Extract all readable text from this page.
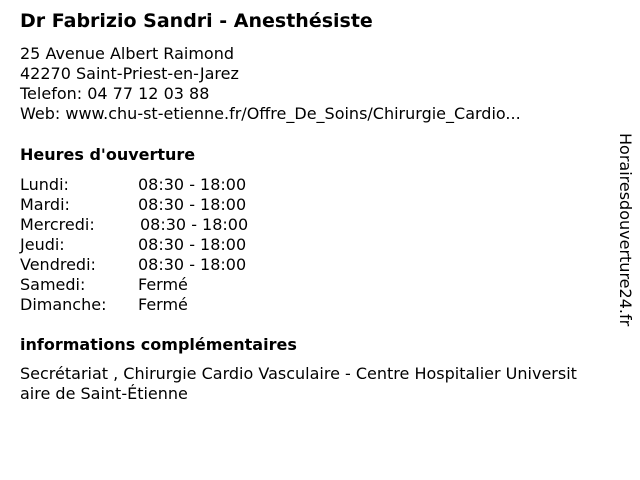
Dr Fabrizio Sandri - Anesthésiste
25 Avenue Albert Raimond
42270 Saint-Priest-en-Jarez
Telefon: 04 77 12 03 88
Web: www.chu-st-etienne.fr/Offre_De_Soins/Chirurgie_Cardio...
Heures d'ouverture
Lundi:	08:30 - 18:00
Mardi:	08:30 - 18:00
Mercredi:	08:30 - 18:00
Jeudi:	08:30 - 18:00
Vendredi:	08:30 - 18:00
Samedi:	Fermé
Dimanche:	Fermé
informations complémentaires
Secrétariat , Chirurgie Cardio Vasculaire - Centre Hospitalier Universitaire de Saint-Étienne
Horairesdouverture24.fr
